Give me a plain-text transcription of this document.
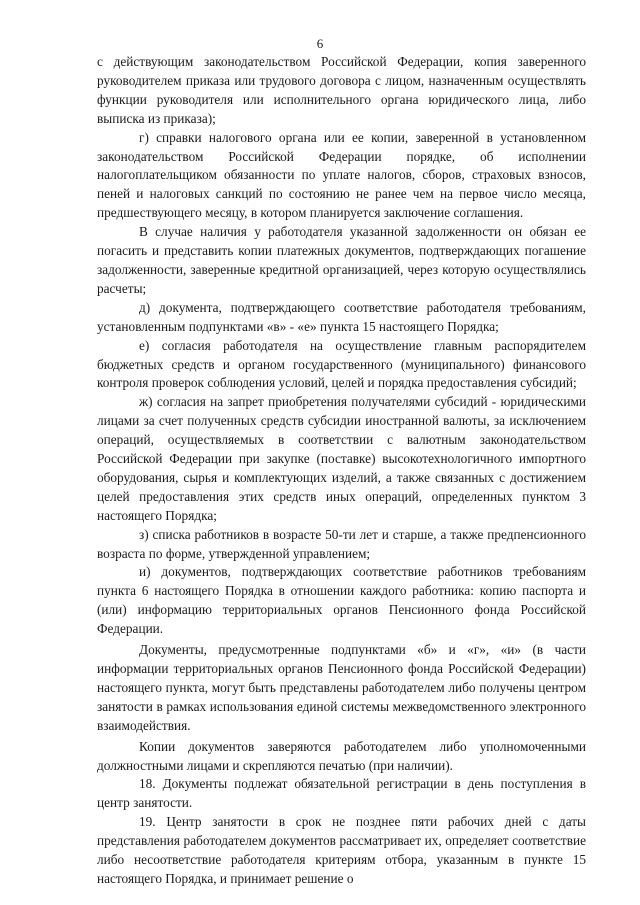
6

с действующим законодательством Российской Федерации, копия заверенного руководителем приказа или трудового договора с лицом, назначенным осуществлять функции руководителя или исполнительного органа юридического лица, либо выписка из приказа);

г) справки налогового органа или ее копии, заверенной в установленном законодательством Российской Федерации порядке, об исполнении налогоплательщиком обязанности по уплате налогов, сборов, страховых взносов, пеней и налоговых санкций по состоянию не ранее чем на первое число месяца, предшествующего месяцу, в котором планируется заключение соглашения.

В случае наличия у работодателя указанной задолженности он обязан ее погасить и представить копии платежных документов, подтверждающих погашение задолженности, заверенные кредитной организацией, через которую осуществлялись расчеты;

д) документа, подтверждающего соответствие работодателя требованиям, установленным подпунктами «в» - «е» пункта 15 настоящего Порядка;

е) согласия работодателя на осуществление главным распорядителем бюджетных средств и органом государственного (муниципального) финансового контроля проверок соблюдения условий, целей и порядка предоставления субсидий;

ж) согласия на запрет приобретения получателями субсидий - юридическими лицами за счет полученных средств субсидии иностранной валюты, за исключением операций, осуществляемых в соответствии с валютным законодательством Российской Федерации при закупке (поставке) высокотехнологичного импортного оборудования, сырья и комплектующих изделий, а также связанных с достижением целей предоставления этих средств иных операций, определенных пунктом 3 настоящего Порядка;

з) списка работников в возрасте 50-ти лет и старше, а также предпенсионного возраста по форме, утвержденной управлением;

и) документов, подтверждающих соответствие работников требованиям пункта 6 настоящего Порядка в отношении каждого работника: копию паспорта и (или) информацию территориальных органов Пенсионного фонда Российской Федерации.

Документы, предусмотренные подпунктами «б» и «г», «и» (в части информации территориальных органов Пенсионного фонда Российской Федерации) настоящего пункта, могут быть представлены работодателем либо получены центром занятости в рамках использования единой системы межведомственного электронного взаимодействия.

Копии документов заверяются работодателем либо уполномоченными должностными лицами и скрепляются печатью (при наличии).

18. Документы подлежат обязательной регистрации в день поступления в центр занятости.

19. Центр занятости в срок не позднее пяти рабочих дней с даты представления работодателем документов рассматривает их, определяет соответствие либо несоответствие работодателя критериям отбора, указанным в пункте 15 настоящего Порядка, и принимает решение о
